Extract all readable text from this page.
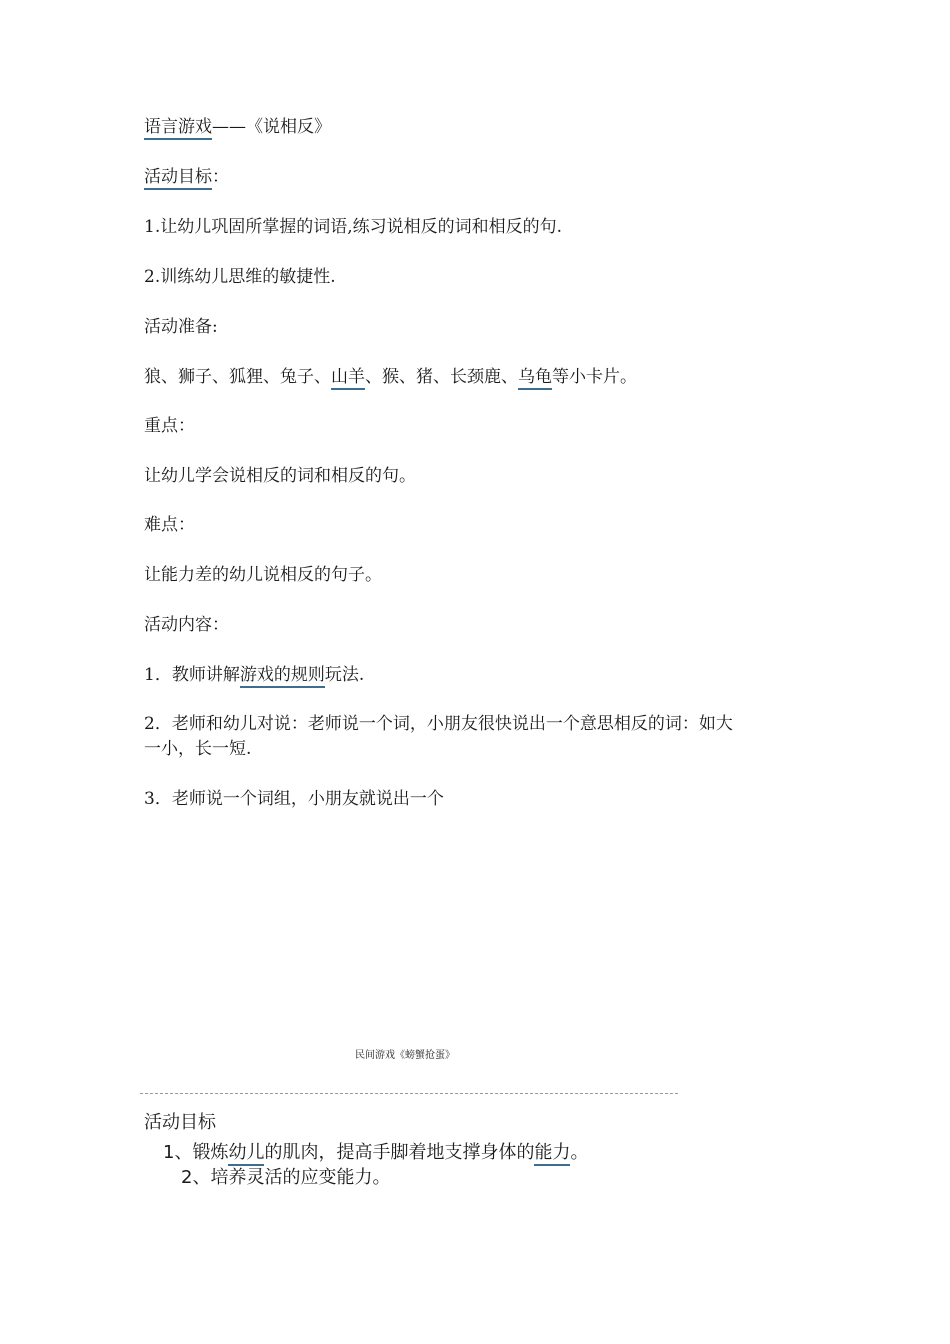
语言游戏——《说相反》
活动目标：
1.让幼儿巩固所掌握的词语,练习说相反的词和相反的句.
2.训练幼儿思维的敏捷性.
活动准备:
狼、狮子、狐狸、兔子、山羊、猴、猪、长颈鹿、乌龟等小卡片。
重点：
让幼儿学会说相反的词和相反的句。
难点：
让能力差的幼儿说相反的句子。
活动内容：
1．教师讲解游戏的规则玩法.
2．老师和幼儿对说：老师说一个词，小朋友很快说出一个意思相反的词：如大
一小，长一短.
3．老师说一个词组，小朋友就说出一个
民间游戏《螃蟹抢蛋》
活动目标
1、锻炼幼儿的肌肉，提高手脚着地支撑身体的能力。
2、培养灵活的应变能力。
